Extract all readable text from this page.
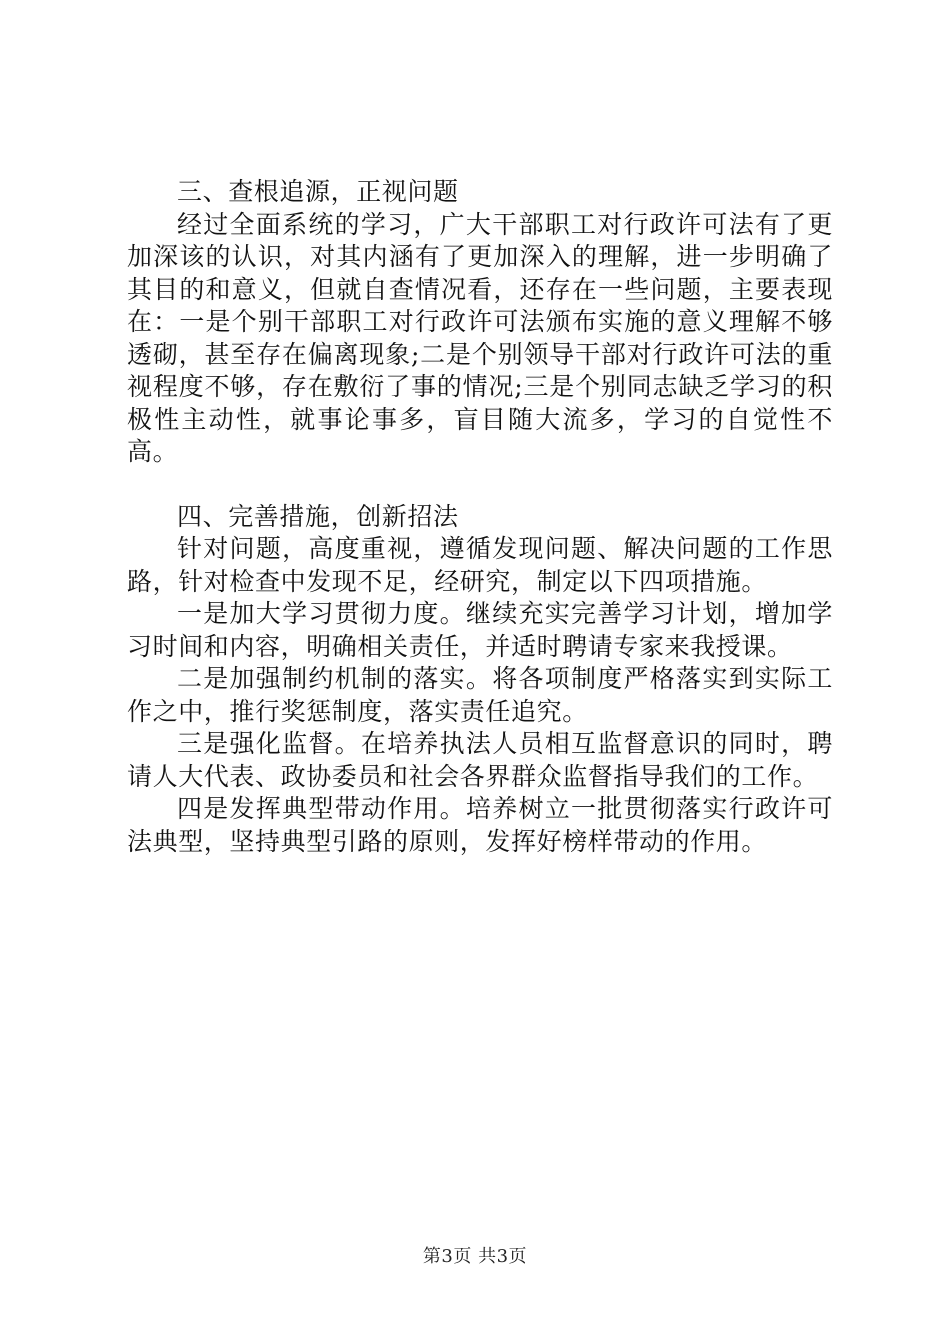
三、查根追源，正视问题

经过全面系统的学习，广大干部职工对行政许可法有了更加深该的认识，对其内涵有了更加深入的理解，进一步明确了其目的和意义，但就自查情况看，还存在一些问题，主要表现在：一是个别干部职工对行政许可法颁布实施的意义理解不够透砌，甚至存在偏离现象;二是个别领导干部对行政许可法的重视程度不够，存在敷衍了事的情况;三是个别同志缺乏学习的积极性主动性，就事论事多，盲目随大流多，学习的自觉性不高。

四、完善措施，创新招法

针对问题，高度重视，遵循发现问题、解决问题的工作思路，针对检查中发现不足，经研究，制定以下四项措施。

一是加大学习贯彻力度。继续充实完善学习计划，增加学习时间和内容，明确相关责任，并适时聘请专家来我授课。

二是加强制约机制的落实。将各项制度严格落实到实际工作之中，推行奖惩制度，落实责任追究。

三是强化监督。在培养执法人员相互监督意识的同时，聘请人大代表、政协委员和社会各界群众监督指导我们的工作。

四是发挥典型带动作用。培养树立一批贯彻落实行政许可法典型，坚持典型引路的原则，发挥好榜样带动的作用。

第3页 共3页
